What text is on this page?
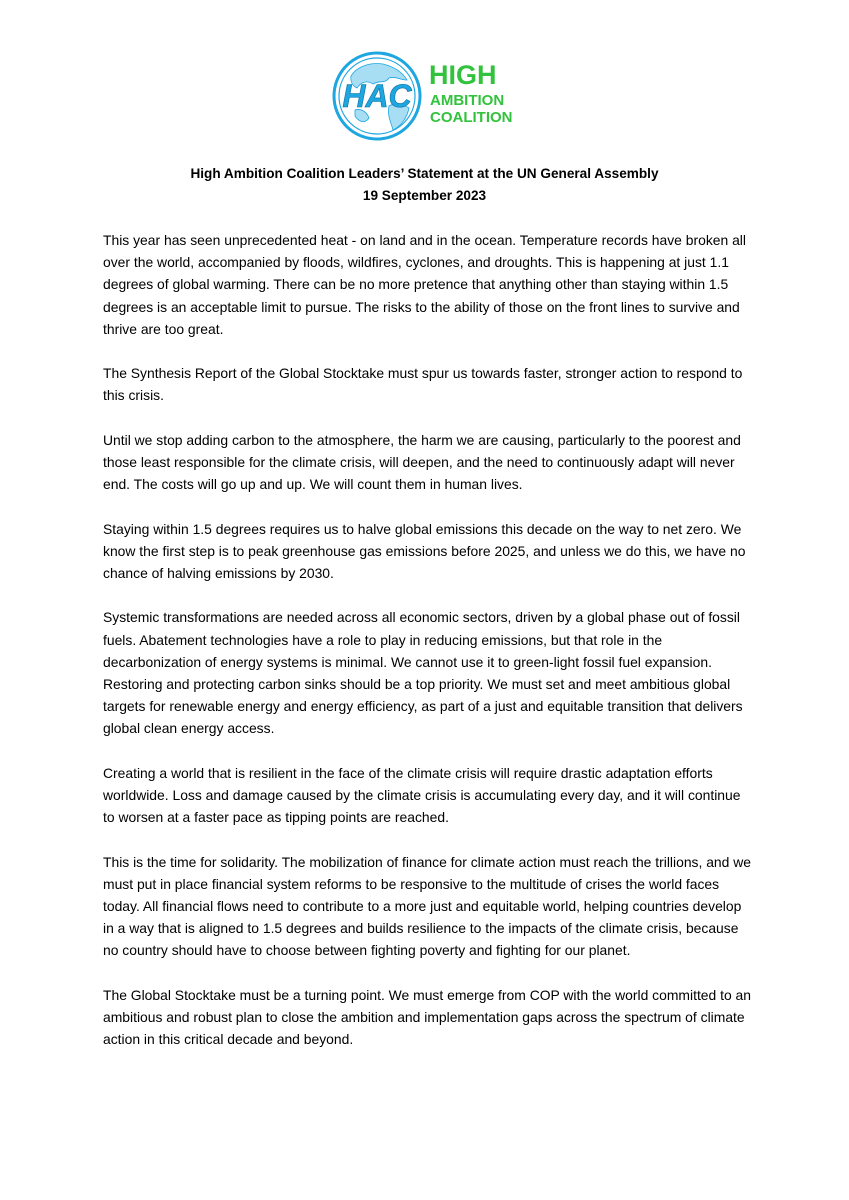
HAC
HIGH
AMBITION
COALITION
High Ambition Coalition Leaders’ Statement at the UN General Assembly
19 September 2023

This year has seen unprecedented heat - on land and in the ocean. Temperature records have broken all over the world, accompanied by floods, wildfires, cyclones, and droughts. This is happening at just 1.1 degrees of global warming. There can be no more pretence that anything other than staying within 1.5 degrees is an acceptable limit to pursue. The risks to the ability of those on the front lines to survive and thrive are too great.

The Synthesis Report of the Global Stocktake must spur us towards faster, stronger action to respond to this crisis.

Until we stop adding carbon to the atmosphere, the harm we are causing, particularly to the poorest and those least responsible for the climate crisis, will deepen, and the need to continuously adapt will never end. The costs will go up and up. We will count them in human lives.

Staying within 1.5 degrees requires us to halve global emissions this decade on the way to net zero. We know the first step is to peak greenhouse gas emissions before 2025, and unless we do this, we have no chance of halving emissions by 2030.

Systemic transformations are needed across all economic sectors, driven by a global phase out of fossil fuels. Abatement technologies have a role to play in reducing emissions, but that role in the decarbonization of energy systems is minimal. We cannot use it to green-light fossil fuel expansion. Restoring and protecting carbon sinks should be a top priority. We must set and meet ambitious global targets for renewable energy and energy efficiency, as part of a just and equitable transition that delivers global clean energy access.

Creating a world that is resilient in the face of the climate crisis will require drastic adaptation efforts worldwide. Loss and damage caused by the climate crisis is accumulating every day, and it will continue to worsen at a faster pace as tipping points are reached.

This is the time for solidarity. The mobilization of finance for climate action must reach the trillions, and we must put in place financial system reforms to be responsive to the multitude of crises the world faces today. All financial flows need to contribute to a more just and equitable world, helping countries develop in a way that is aligned to 1.5 degrees and builds resilience to the impacts of the climate crisis, because no country should have to choose between fighting poverty and fighting for our planet.

The Global Stocktake must be a turning point. We must emerge from COP with the world committed to an ambitious and robust plan to close the ambition and implementation gaps across the spectrum of climate action in this critical decade and beyond.
